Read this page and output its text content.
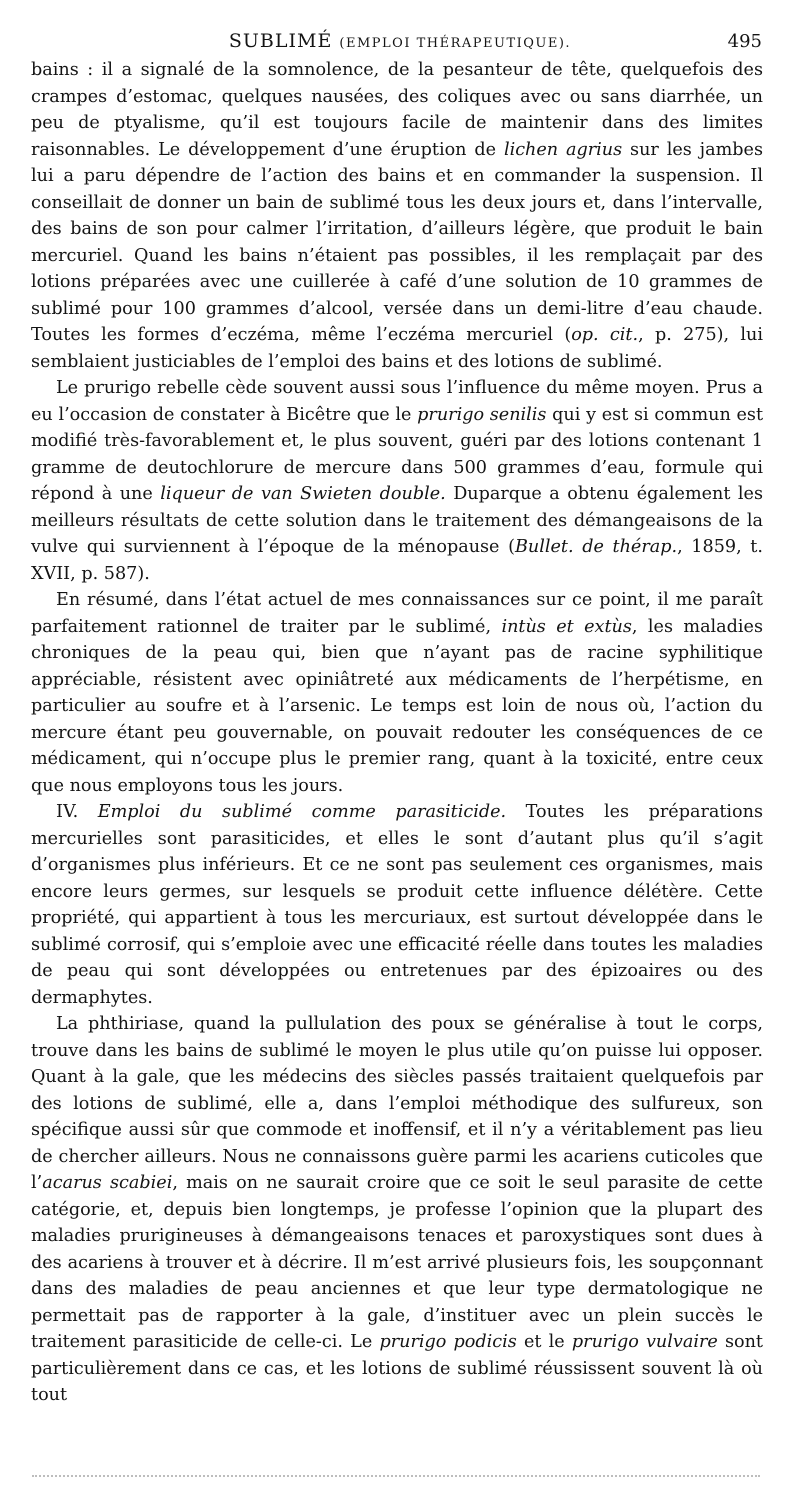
SUBLIMÉ (EMPLOI THÉRAPEUTIQUE).	495

bains : il a signalé de la somnolence, de la pesanteur de tête, quelquefois des crampes d’estomac, quelques nausées, des coliques avec ou sans diarrhée, un peu de ptyalisme, qu’il est toujours facile de maintenir dans des limites raisonnables. Le développement d’une éruption de lichen agrius sur les jambes lui a paru dépendre de l’action des bains et en commander la suspension. Il conseillait de donner un bain de sublimé tous les deux jours et, dans l’intervalle, des bains de son pour calmer l’irritation, d’ailleurs légère, que produit le bain mercuriel. Quand les bains n’étaient pas possibles, il les remplaçait par des lotions préparées avec une cuillerée à café d’une solution de 10 grammes de sublimé pour 100 grammes d’alcool, versée dans un demi-litre d’eau chaude. Toutes les formes d’eczéma, même l’eczéma mercuriel (op. cit., p. 275), lui semblaient justiciables de l’emploi des bains et des lotions de sublimé.

Le prurigo rebelle cède souvent aussi sous l’influence du même moyen. Prus a eu l’occasion de constater à Bicêtre que le prurigo senilis qui y est si commun est modifié très-favorablement et, le plus souvent, guéri par des lotions contenant 1 gramme de deutochlorure de mercure dans 500 grammes d’eau, formule qui répond à une liqueur de van Swieten double. Duparque a obtenu également les meilleurs résultats de cette solution dans le traitement des démangeaisons de la vulve qui surviennent à l’époque de la ménopause (Bullet. de thérap., 1859, t. XVII, p. 587).

En résumé, dans l’état actuel de mes connaissances sur ce point, il me paraît parfaitement rationnel de traiter par le sublimé, intùs et extùs, les maladies chroniques de la peau qui, bien que n’ayant pas de racine syphilitique appréciable, résistent avec opiniâtreté aux médicaments de l’herpétisme, en particulier au soufre et à l’arsenic. Le temps est loin de nous où, l’action du mercure étant peu gouvernable, on pouvait redouter les conséquences de ce médicament, qui n’occupe plus le premier rang, quant à la toxicité, entre ceux que nous employons tous les jours.

IV. Emploi du sublimé comme parasiticide. Toutes les préparations mercurielles sont parasiticides, et elles le sont d’autant plus qu’il s’agit d’organismes plus inférieurs. Et ce ne sont pas seulement ces organismes, mais encore leurs germes, sur lesquels se produit cette influence délétère. Cette propriété, qui appartient à tous les mercuriaux, est surtout développée dans le sublimé corrosif, qui s’emploie avec une efficacité réelle dans toutes les maladies de peau qui sont développées ou entretenues par des épizoaires ou des dermaphytes.

La phthiriase, quand la pullulation des poux se généralise à tout le corps, trouve dans les bains de sublimé le moyen le plus utile qu’on puisse lui opposer. Quant à la gale, que les médecins des siècles passés traitaient quelquefois par des lotions de sublimé, elle a, dans l’emploi méthodique des sulfureux, son spécifique aussi sûr que commode et inoffensif, et il n’y a véritablement pas lieu de chercher ailleurs. Nous ne connaissons guère parmi les acariens cuticoles que l’acarus scabiei, mais on ne saurait croire que ce soit le seul parasite de cette catégorie, et, depuis bien longtemps, je professe l’opinion que la plupart des maladies prurigineuses à démangeaisons tenaces et paroxystiques sont dues à des acariens à trouver et à décrire. Il m’est arrivé plusieurs fois, les soupçonnant dans des maladies de peau anciennes et que leur type dermatologique ne permettait pas de rapporter à la gale, d’instituer avec un plein succès le traitement parasiticide de celle-ci. Le prurigo podicis et le prurigo vulvaire sont particulièrement dans ce cas, et les lotions de sublimé réussissent souvent là où tout
